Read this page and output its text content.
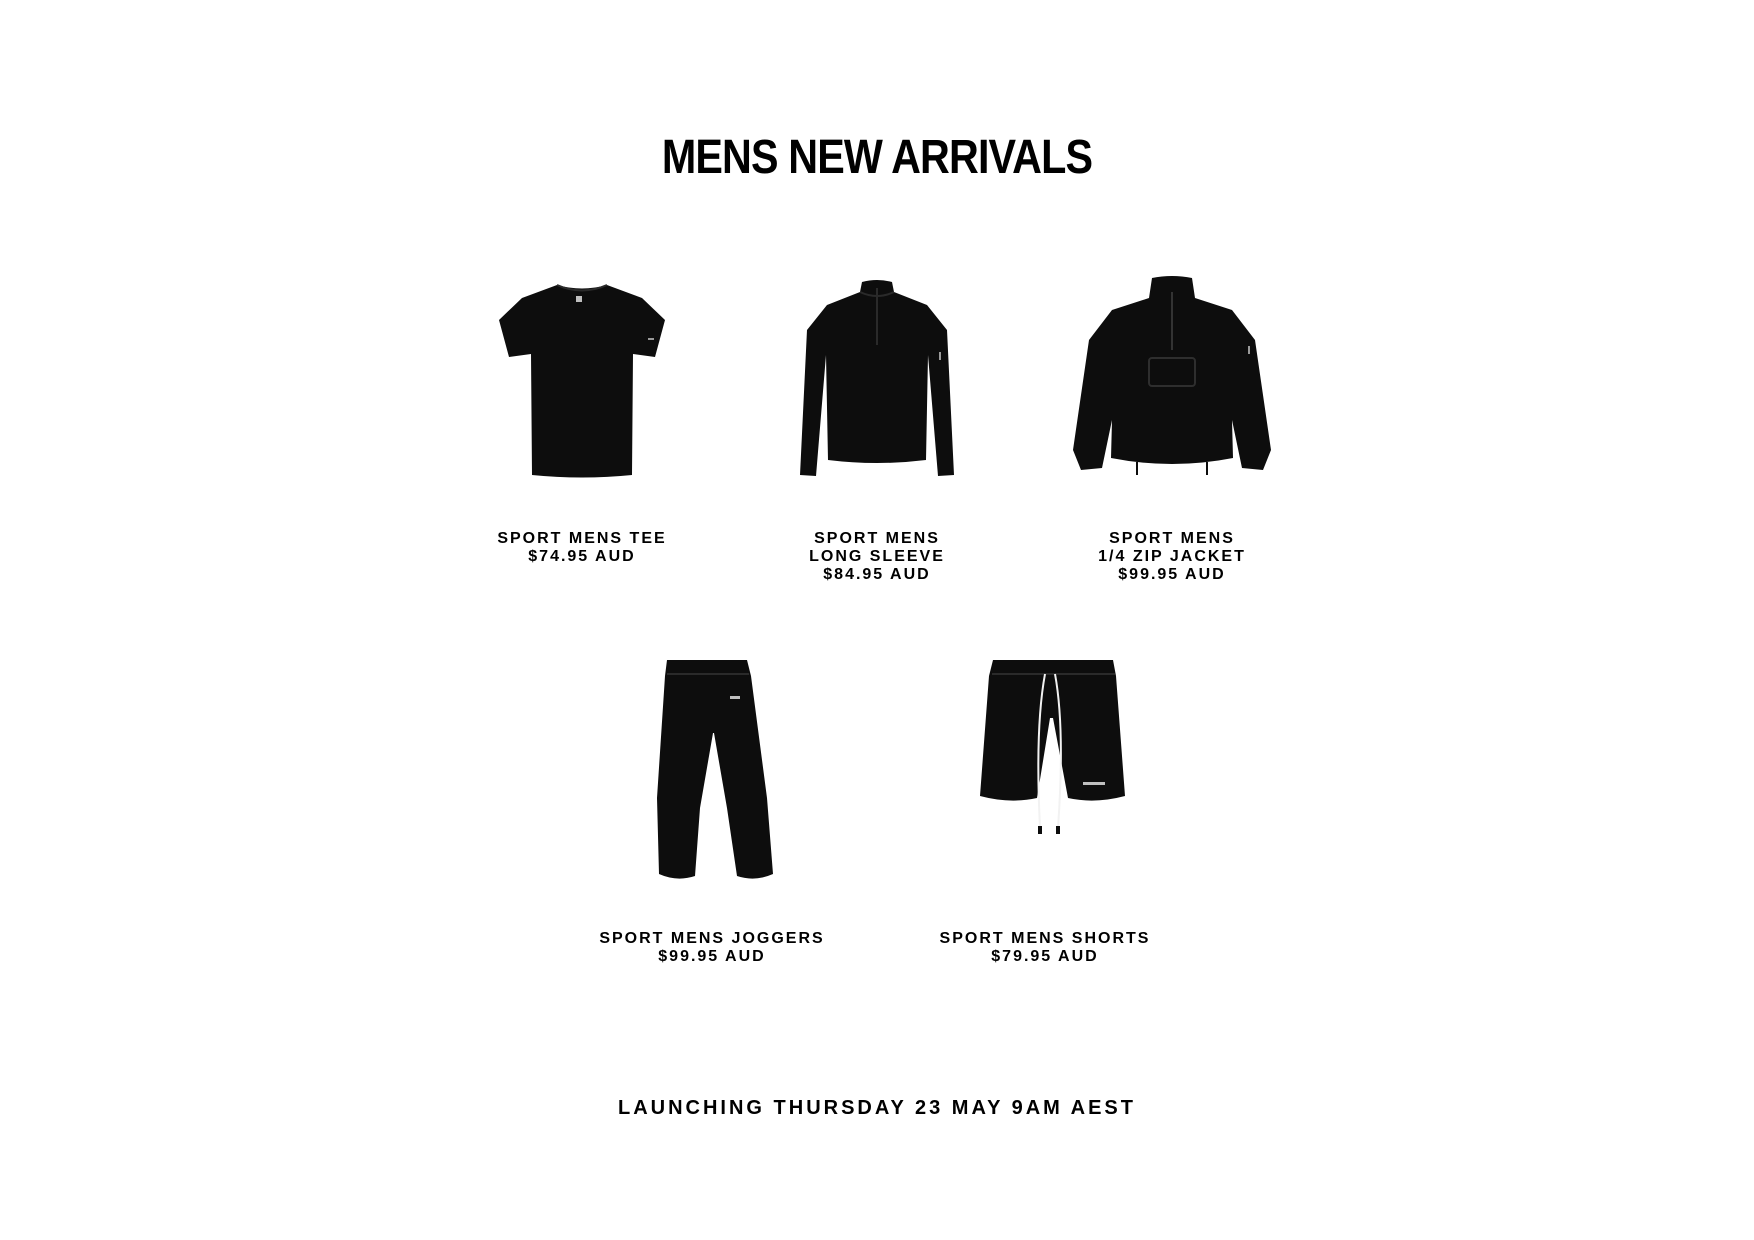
MENS NEW ARRIVALS
SPORT MENS TEE
$74.95 AUD
SPORT MENS
LONG SLEEVE
$84.95 AUD
SPORT MENS
1/4 ZIP JACKET
$99.95 AUD
SPORT MENS JOGGERS
$99.95 AUD
SPORT MENS SHORTS
$79.95 AUD
LAUNCHING THURSDAY 23 MAY 9AM AEST
